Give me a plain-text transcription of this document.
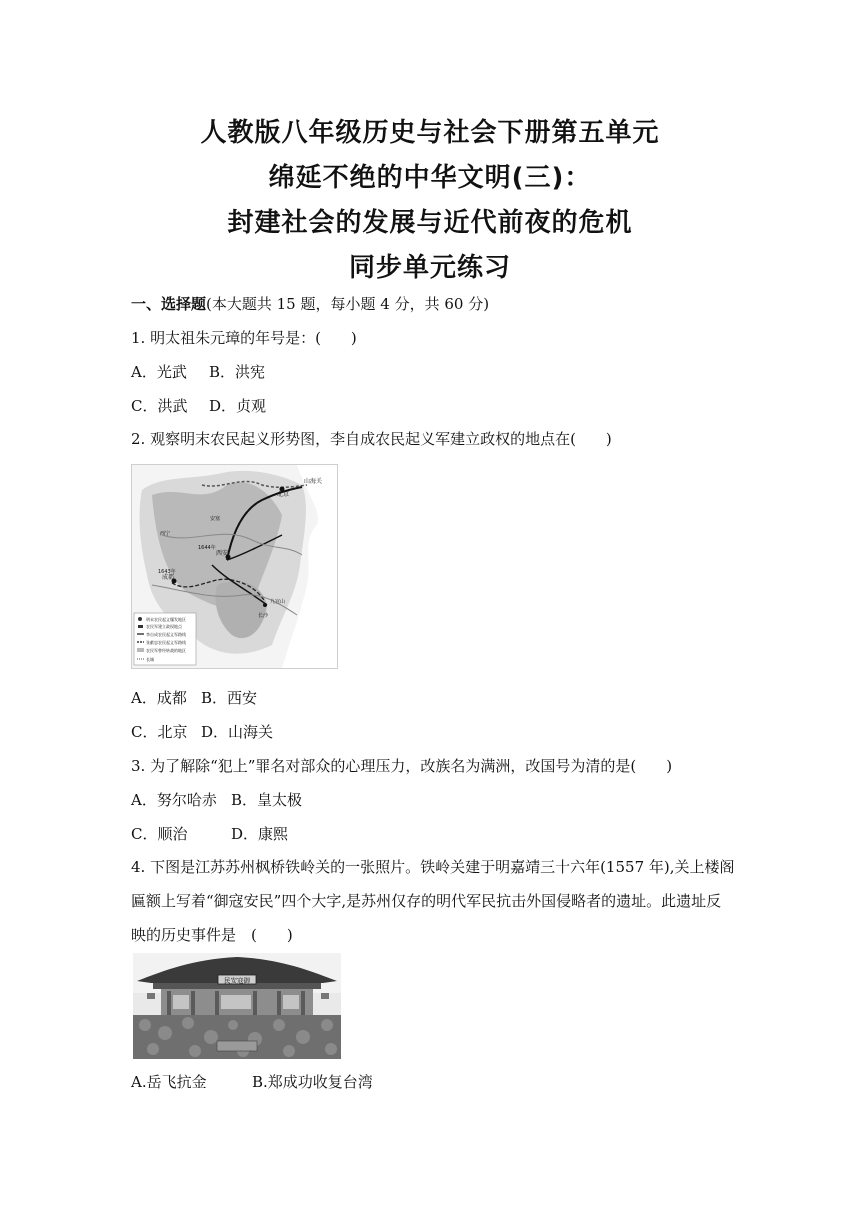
人教版八年级历史与社会下册第五单元
绵延不绝的中华文明(三)：
封建社会的发展与近代前夜的危机
同步单元练习
一、选择题(本大题共 15 题，每小题 4 分，共 60 分)
1. 明太祖朱元璋的年号是：(　　)
A．光武 B．洪宪
C．洪武 D．贞观
2. 观察明末农民起义形势图，李自成农民起义军建立政权的地点在(　　)
山海关
北京
西安
成都
长沙
九宫山
西宁
安塞
1643年
1644年
明末农民起义爆发地区
农民军建立政权地点
李自成农民起义军路线
张献忠农民起义军路线
农民军曾经转战的地区
长城
A．成都 B．西安
C．北京 D．山海关
3. 为了解除“犯上”罪名对部众的心理压力，改族名为满洲，改国号为清的是(　　)
A．努尔哈赤 B．皇太极
C．顺治	D．康熙
4. 下图是江苏苏州枫桥铁岭关的一张照片。铁岭关建于明嘉靖三十六年(1557 年),关上楼阁
匾额上写着“御寇安民”四个大字,是苏州仅存的明代军民抗击外国侵略者的遗址。此遗址反
映的历史事件是　(　　)
民安寇御
A.岳飞抗金	B.郑成功收复台湾
